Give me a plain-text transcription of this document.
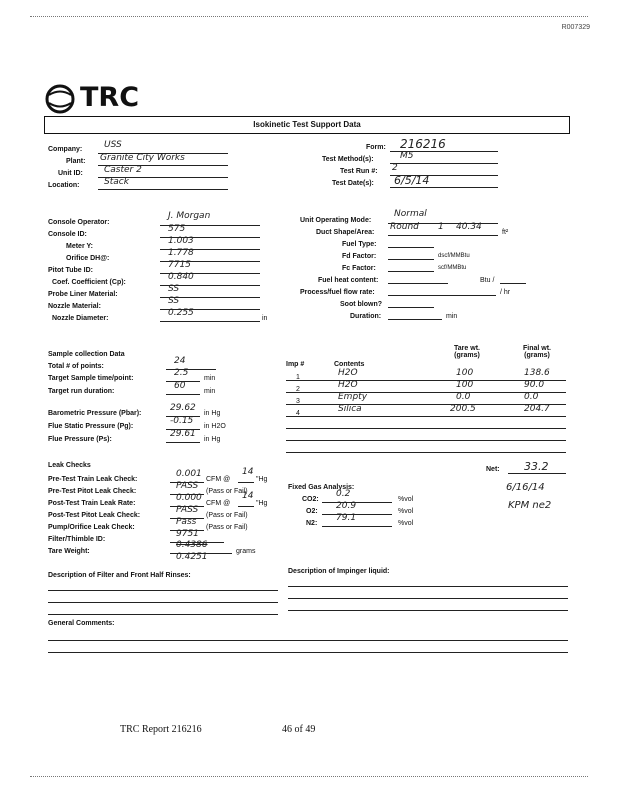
R007329
TRC
Isokinetic Test Support Data
Company: USS
Plant: Granite City Works
Unit ID: Caster 2
Location:	Stack
Form: 216216
Test Method(s):	M5
Test Run #: 2
Test Date(s): 6/5/14
Console Operator:
J. Morgan
Console ID:
575
Meter Y:
1.003
Orifice DH@:
1.778
Pitot Tube ID:
7715
Coef. Coefficient (Cp):
0.840
Probe Liner Material:
SS
Nozzle Material:
SS
Nozzle Diameter:
0.255
in
Unit Operating Mode:
Normal
Duct Shape/Area:
Round 1 40.34
ft²
Fuel Type:
Fd Factor:	dscf/MMBtu
Fc Factor:	scf/MMBtu
Fuel heat content:	Btu /
Process/fuel flow rate:	/ hr
Soot blown?
Duration:	min
Sample collection Data
Total # of points:
24
Target Sample time/point:
2.5
min
Target run duration:
60
min
Barometric Pressure (Pbar):
29.62
in Hg
Flue Static Pressure (Pg):
-0.15
in H2O
Flue Pressure (Ps):
29.61
in Hg
Imp #	Contents
Tare wt. (grams)
Final wt. (grams)
1	H2O	100	138.6
2	H2O	100	90.0
3	Empty	0.0	0.0
4	Silica	200.5	204.7
Net: 33.2
Leak Checks
Pre-Test Train Leak Check:
0.001
CFM @
14
"Hg
Pre-Test Pitot Leak Check:
PASS
(Pass or Fail)
Post-Test Train Leak Rate:
0.000
CFM @
14
"Hg
Post-Test Pitot Leak Check:
PASS
(Pass or Fail)
Pump/Orifice Leak Check:
Pass
(Pass or Fail)
Filter/Thimble ID:
9751
Tare Weight:
0.4386
0.4251
grams
Fixed Gas Analysis:
CO2:
0.2
%vol
O2:
20.9
%vol
N2:
79.1
%vol
6/16/14
KPM ne2
Description of Filter and Front Half Rinses:
Description of Impinger liquid:
General Comments:
TRC Report 216216	46 of 49
